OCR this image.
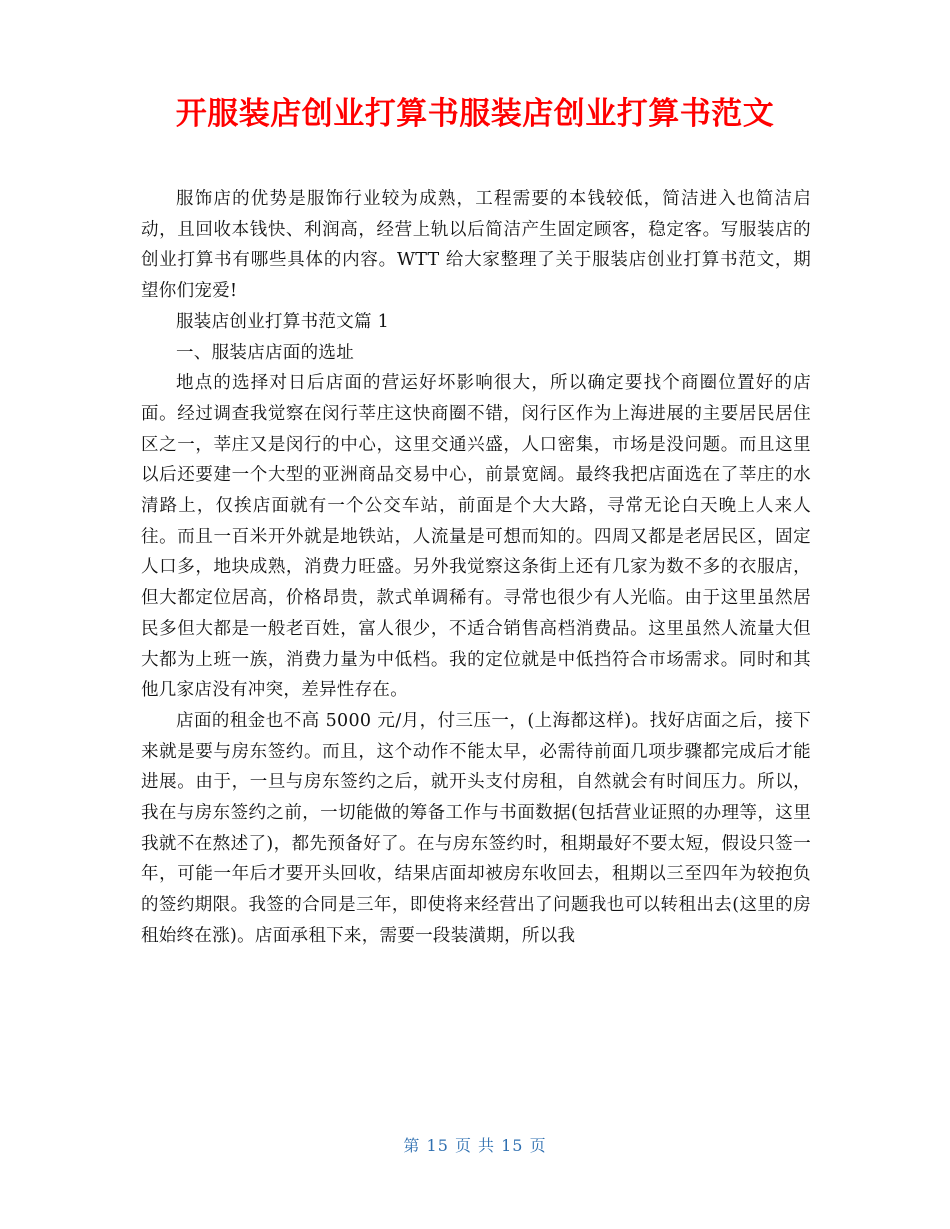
开服装店创业打算书服装店创业打算书范文

服饰店的优势是服饰行业较为成熟，工程需要的本钱较低，简洁进入也简洁启动，且回收本钱快、利润高，经营上轨以后简洁产生固定顾客，稳定客。写服装店的创业打算书有哪些具体的内容。WTT 给大家整理了关于服装店创业打算书范文，期望你们宠爱!

服装店创业打算书范文篇 1

一、服装店店面的选址

地点的选择对日后店面的营运好坏影响很大，所以确定要找个商圈位置好的店面。经过调查我觉察在闵行莘庄这快商圈不错，闵行区作为上海进展的主要居民居住区之一，莘庄又是闵行的中心，这里交通兴盛，人口密集，市场是没问题。而且这里以后还要建一个大型的亚洲商品交易中心，前景宽阔。最终我把店面选在了莘庄的水清路上，仅挨店面就有一个公交车站，前面是个大大路，寻常无论白天晚上人来人往。而且一百米开外就是地铁站，人流量是可想而知的。四周又都是老居民区，固定人口多，地块成熟，消费力旺盛。另外我觉察这条街上还有几家为数不多的衣服店，但大都定位居高，价格昂贵，款式单调稀有。寻常也很少有人光临。由于这里虽然居民多但大都是一般老百姓，富人很少，不适合销售高档消费品。这里虽然人流量大但大都为上班一族，消费力量为中低档。我的定位就是中低挡符合市场需求。同时和其他几家店没有冲突，差异性存在。

店面的租金也不高 5000 元/月，付三压一，(上海都这样)。找好店面之后，接下来就是要与房东签约。而且，这个动作不能太早，必需待前面几项步骤都完成后才能进展。由于，一旦与房东签约之后，就开头支付房租，自然就会有时间压力。所以，我在与房东签约之前，一切能做的筹备工作与书面数据(包括营业证照的办理等，这里我就不在熬述了)，都先预备好了。在与房东签约时，租期最好不要太短，假设只签一年，可能一年后才要开头回收，结果店面却被房东收回去，租期以三至四年为较抱负的签约期限。我签的合同是三年，即使将来经营出了问题我也可以转租出去(这里的房租始终在涨)。店面承租下来，需要一段装潢期，所以我

第 15 页 共 15 页
